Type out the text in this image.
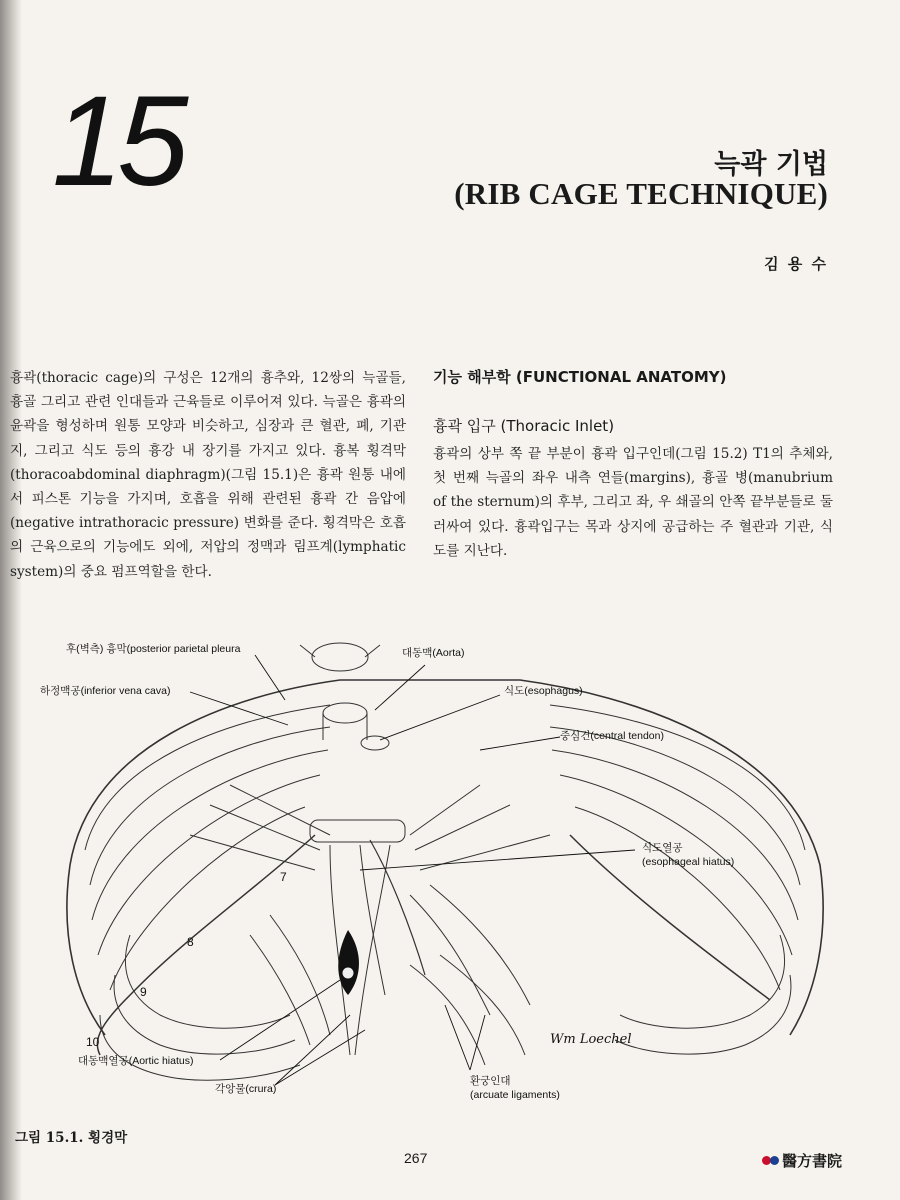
15	늑곽 기법
(RIB CAGE TECHNIQUE)
김 용 수
흉곽(thoracic cage)의 구성은 12개의 흉추와, 12쌍의 늑골들, 흉골 그리고 관련 인대들과 근육들로 이루어져 있다. 늑골은 흉곽의 윤곽을 형성하며 원통 모양과 비슷하고, 심장과 큰 혈관, 폐, 기관지, 그리고 식도 등의 흉강 내 장기를 가지고 있다. 흉복 횡격막(thoracoabdominal diaphragm)(그림 15.1)은 흉곽 원통 내에서 피스톤 기능을 가지며, 호흡을 위해 관련된 흉곽 간 음압에(negative intrathoracic pressure) 변화를 준다. 횡격막은 호흡의 근육으로의 기능에도 외에, 저압의 정맥과 림프계(lymphatic system)의 중요 펌프역할을 한다.
기능 해부학 (FUNCTIONAL ANATOMY)
흉곽 입구 (Thoracic Inlet)

흉곽의 상부 쪽 끝 부분이 흉곽 입구인데(그림 15.2) T1의 추체와, 첫 번째 늑골의 좌우 내측 연들(margins), 흉골 병(manubrium of the sternum)의 후부, 그리고 좌, 우 쇄골의 안쪽 끝부분들로 둘러싸여 있다. 흉곽입구는 목과 상지에 공급하는 주 혈관과 기관, 식도를 지난다.

후(벽측) 흉막(posterior parietal pleura
하정맥공(inferior vena cava)
대동맥(Aorta)
식도(esophagus)
중심건(central tendon)
식도열공
(esophageal hiatus)
대동맥열공(Aortic hiatus)
각앙물(crura)
환궁인대
(arcuate ligaments)
Wm Loechel
7
8
9
10
그림 15.1. 횡경막
267	醫方書院
